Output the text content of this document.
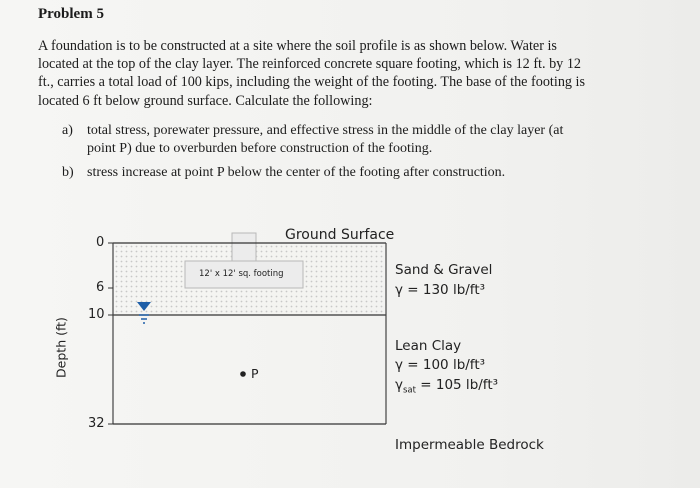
Problem 5
A foundation is to be constructed at a site where the soil profile is as shown below. Water is
located at the top of the clay layer. The reinforced concrete square footing, which is 12 ft. by 12
ft., carries a total load of 100 kips, including the weight of the footing. The base of the footing is
located 6 ft below ground surface. Calculate the following:
a) total stress, porewater pressure, and effective stress in the middle of the clay layer (at
point P) due to overburden before construction of the footing.
b) stress increase at point P below the center of the footing after construction.
Ground Surface
Depth (ft)
0
6
10
32
12' x 12' sq. footing
P
Sand & Gravel
γ = 130 lb/ft³
Lean Clay
γ = 100 lb/ft³
$\gamma_{sat} = 105$ lb/ft³
Impermeable Bedrock
